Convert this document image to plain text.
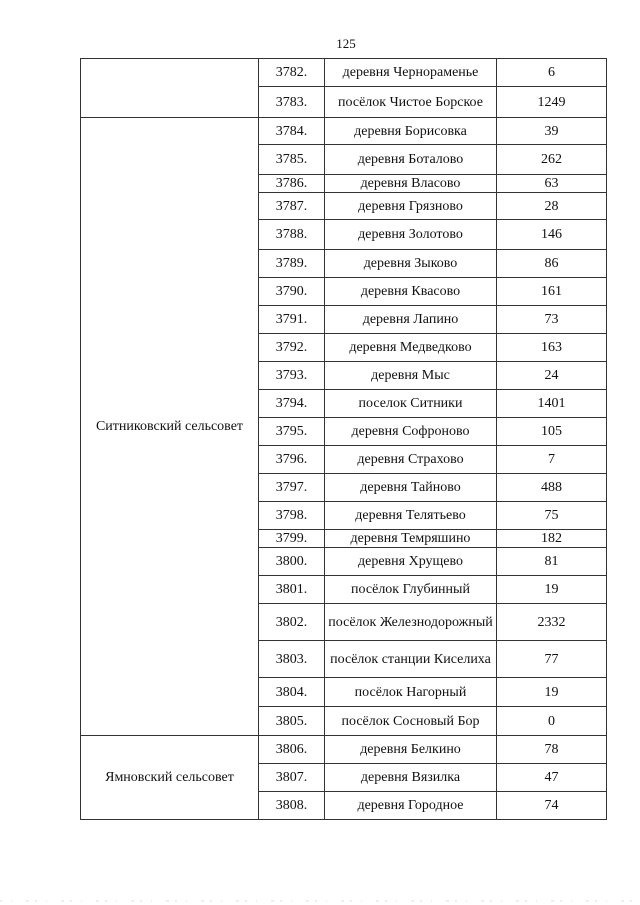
125
	3782.	деревня Чернораменье	6
	3783.	посёлок Чистое Борское	1249
Ситниковский сельсовет	3784.	деревня Борисовка	39
	3785.	деревня Боталово	262
	3786.	деревня Власово	63
	3787.	деревня Грязново	28
	3788.	деревня Золотово	146
	3789.	деревня Зыково	86
	3790.	деревня Квасово	161
	3791.	деревня Лапино	73
	3792.	деревня Медведково	163
	3793.	деревня Мыс	24
	3794.	поселок Ситники	1401
	3795.	деревня Софроново	105
	3796.	деревня Страхово	7
	3797.	деревня Тайново	488
	3798.	деревня Телятьево	75
	3799.	деревня Темряшино	182
	3800.	деревня Хрущево	81
	3801.	посёлок Глубинный	19
	3802.	посёлок Железнодорожный	2332
	3803.	посёлок станции Киселиха	77
	3804.	посёлок Нагорный	19
	3805.	посёлок Сосновый Бор	0
Ямновский сельсовет	3806.	деревня Белкино	78
	3807.	деревня Вязилка	47
	3808.	деревня Городное	74
